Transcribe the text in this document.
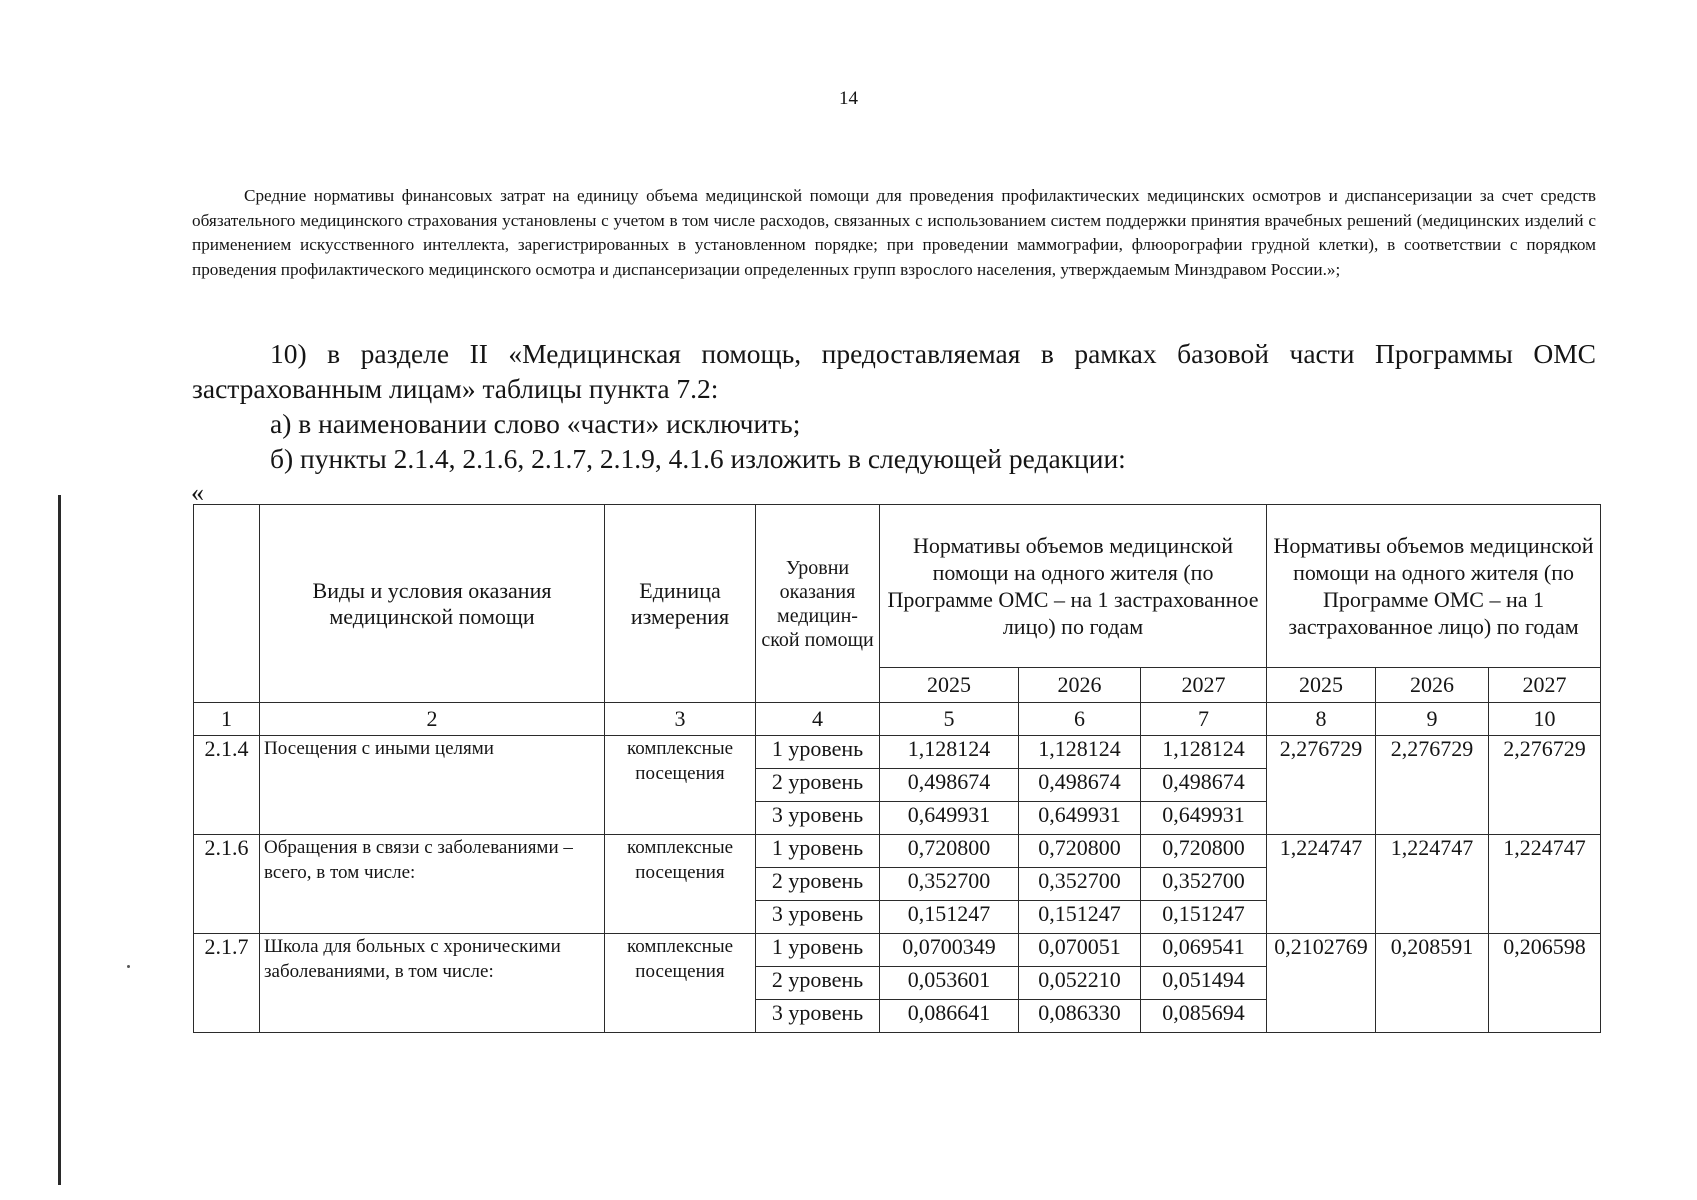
14

Средние нормативы финансовых затрат на единицу объема медицинской помощи для проведения профилактических медицинских осмотров и диспансеризации за счет средств обязательного медицинского страхования установлены с учетом в том числе расходов, связанных с использованием систем поддержки принятия врачебных решений (медицинских изделий с применением искусственного интеллекта, зарегистрированных в установленном порядке; при проведении маммографии, флюорографии грудной клетки), в соответствии с порядком проведения профилактического медицинского осмотра и диспансеризации определенных групп взрослого населения, утверждаемым Минздравом России.»;

10) в разделе II «Медицинская помощь, предоставляемая в рамках базовой части Программы ОМС застрахованным лицам» таблицы пункта 7.2:

а) в наименовании слово «части» исключить;

б) пункты 2.1.4, 2.1.6, 2.1.7, 2.1.9, 4.1.6 изложить в следующей редакции:

«
	Виды и условия оказания медицинской помощи	Единица измерения	Уровни оказания медицин-ской помощи	Нормативы объемов медицинской помощи на одного жителя (по Программе ОМС – на 1 застрахованное лицо) по годам			Нормативы объемов медицинской помощи на одного жителя (по Программе ОМС – на 1 застрахованное лицо) по годам		
				2025	2026	2027	2025	2026	2027
1	2	3	4	5	6	7	8	9	10
2.1.4	Посещения с иными целями	комплексные посещения	1 уровень	1,128124	1,128124	1,128124	2,276729	2,276729	2,276729
			2 уровень	0,498674	0,498674	0,498674			
			3 уровень	0,649931	0,649931	0,649931			
2.1.6	Обращения в связи с заболеваниями – всего, в том числе:	комплексные посещения	1 уровень	0,720800	0,720800	0,720800	1,224747	1,224747	1,224747
			2 уровень	0,352700	0,352700	0,352700			
			3 уровень	0,151247	0,151247	0,151247			
2.1.7	Школа для больных с хроническими заболеваниями, в том числе:	комплексные посещения	1 уровень	0,0700349	0,070051	0,069541	0,2102769	0,208591	0,206598
			2 уровень	0,053601	0,052210	0,051494			
			3 уровень	0,086641	0,086330	0,085694			
